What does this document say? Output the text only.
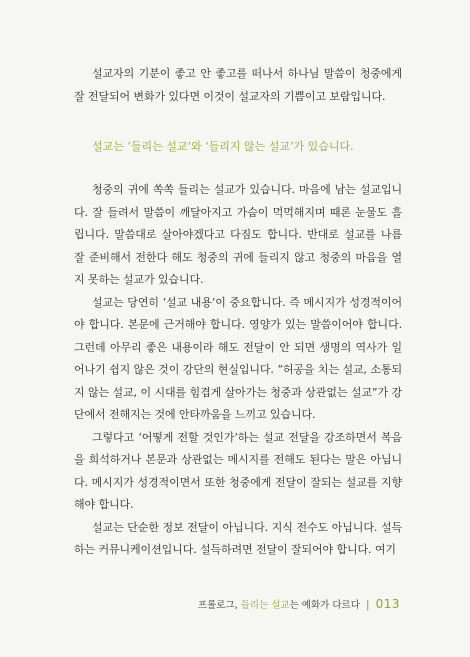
설교자의 기분이 좋고 안 좋고를 떠나서 하나님 말씀이 청중에게 잘 전달되어 변화가 있다면 이것이 설교자의 기쁨이고 보람입니다.

설교는 ‘들리는 설교’와 ‘들리지 않는 설교’가 있습니다.

청중의 귀에 쏙쏙 들리는 설교가 있습니다. 마음에 남는 설교입니다. 잘 들려서 말씀이 깨달아지고 가슴이 먹먹해지며 때론 눈물도 흘립니다. 말씀대로 살아야겠다고 다짐도 합니다. 반대로 설교를 나름 잘 준비해서 전한다 해도 청중의 귀에 들리지 않고 청중의 마음을 열지 못하는 설교가 있습니다.

설교는 당연히 ‘설교 내용’이 중요합니다. 즉 메시지가 성경적이어야 합니다. 본문에 근거해야 합니다. 영양가 있는 말씀이어야 합니다. 그런데 아무리 좋은 내용이라 해도 전달이 안 되면 생명의 역사가 일어나기 쉽지 않은 것이 강단의 현실입니다. “허공을 치는 설교, 소통되지 않는 설교, 이 시대를 힘겹게 살아가는 청중과 상관없는 설교”가 강단에서 전해지는 것에 안타까움을 느끼고 있습니다.

그렇다고 ‘어떻게 전할 것인가’하는 설교 전달을 강조하면서 복음을 희석하거나 본문과 상관없는 메시지를 전해도 된다는 말은 아닙니다. 메시지가 성경적이면서 또한 청중에게 전달이 잘되는 설교를 지향해야 합니다.

설교는 단순한 정보 전달이 아닙니다. 지식 전수도 아닙니다. 설득하는 커뮤니케이션입니다. 설득하려면 전달이 잘되어야 합니다. 여기

프롤로그,
들리는 설교 는 예화가 다르다 | 013
